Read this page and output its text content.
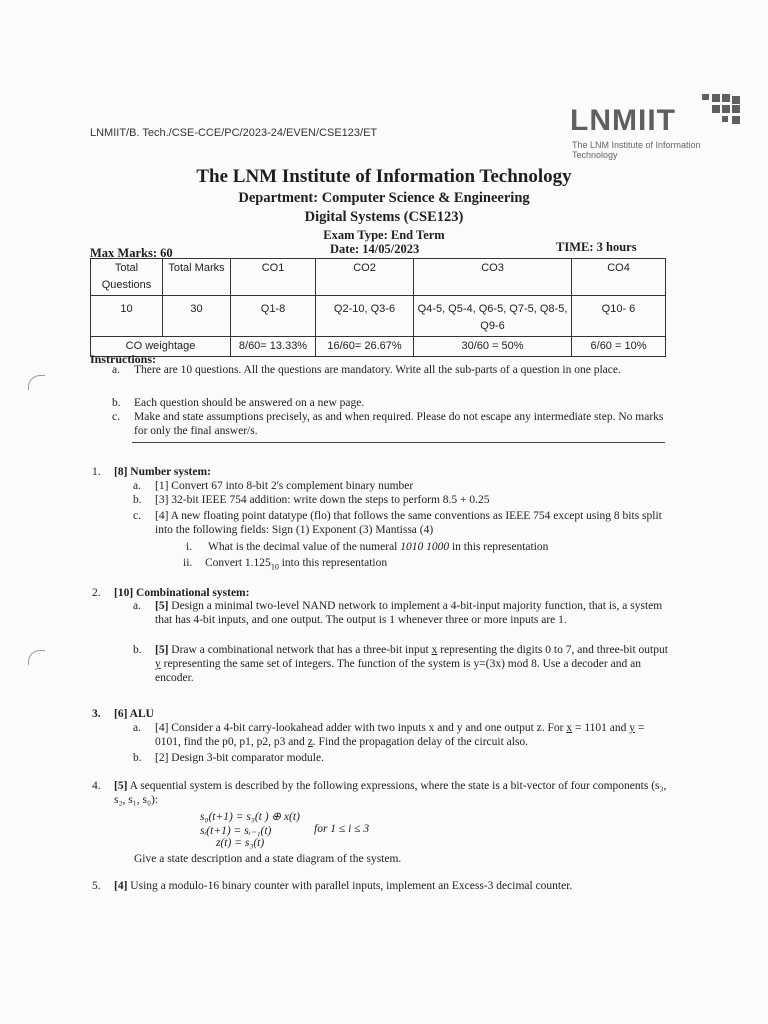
LNMIIT/B. Tech./CSE-CCE/PC/2023-24/EVEN/CSE123/ET	LNMIIT
The LNM Institute of Information Technology
The LNM Institute of Information Technology
Department: Computer Science & Engineering
Digital Systems (CSE123)
Exam Type: End Term
Max Marks: 60	Date: 14/05/2023	TIME: 3 hours
Total Questions	Total Marks	CO1	CO2	CO3	CO4
10	30	Q1-8	Q2-10, Q3-6	Q4-5, Q5-4, Q6-5, Q7-5, Q8-5, Q9-6	Q10- 6
CO weightage		8/60= 13.33%	16/60= 26.67%	30/60 = 50%	6/60 = 10%
Instructions:
a. There are 10 questions. All the questions are mandatory. Write all the sub-parts of a question in one place.
b. Each question should be answered on a new page.
c. Make and state assumptions precisely, as and when required. Please do not escape any intermediate step. No marks for only the final answer/s.
1. [8] Number system:
a. [1] Convert 67 into 8-bit 2's complement binary number
b. [3] 32-bit IEEE 754 addition: write down the steps to perform 8.5 + 0.25
c. [4] A new floating point datatype (flo) that follows the same conventions as IEEE 754 except using 8 bits split into the following fields: Sign (1) Exponent (3) Mantissa (4)
i. What is the decimal value of the numeral 1010 1000 in this representation
ii. Convert $1.125_{10}$ into this representation
2. [10] Combinational system:
a. [5] Design a minimal two-level NAND network to implement a 4-bit-input majority function, that is, a system that has 4-bit inputs, and one output. The output is 1 whenever three or more inputs are 1.
b. [5] Draw a combinational network that has a three-bit input x representing the digits 0 to 7, and three-bit output y representing the same set of integers. The function of the system is y=(3x) mod 8. Use a decoder and an encoder.
3. [6] ALU
a. [4] Consider a 4-bit carry-lookahead adder with two inputs x and y and one output z. For x = 1101 and y = 0101, find the p0, p1, p2, p3 and z. Find the propagation delay of the circuit also.
b. [2] Design 3-bit comparator module.
4. [5] A sequential system is described by the following expressions, where the state is a bit-vector of four components (s₃, s₂, s₁, s₀):
s₀(t+1) = s₃(t ) ⊕ x(t)
sᵢ(t+1) = sᵢ₋₁(t)	for 1 ≤ i ≤ 3
z(t) = s₃(t)
Give a state description and a state diagram of the system.
5. [4] Using a modulo-16 binary counter with parallel inputs, implement an Excess-3 decimal counter.
